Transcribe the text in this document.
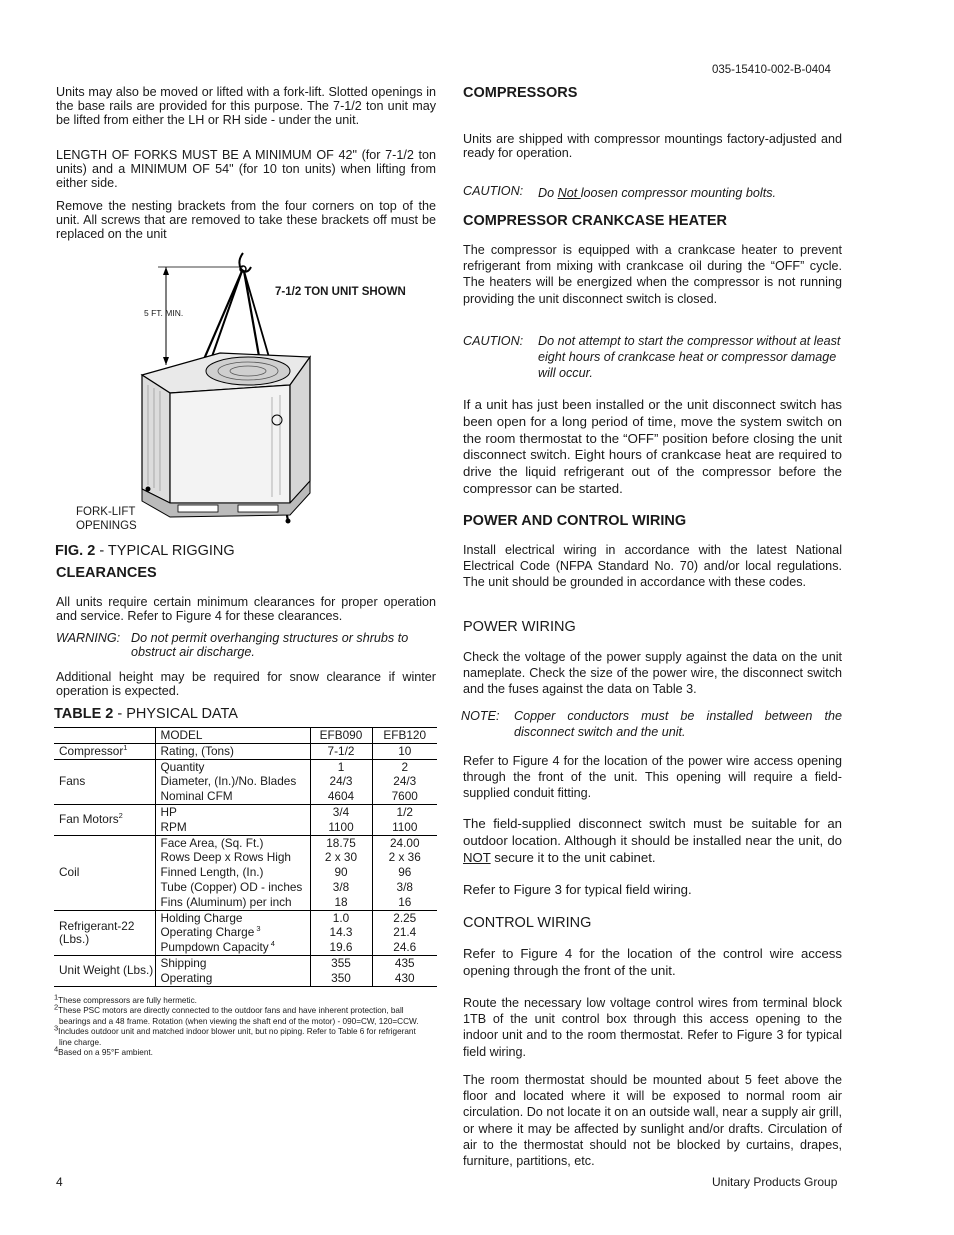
035-15410-002-B-0404

Units may also be moved or lifted with a fork-lift. Slotted openings in the base rails are provided for this purpose. The 7-1/2 ton unit may be lifted from either the LH or RH side - under the unit.

LENGTH OF FORKS MUST BE A MINIMUM OF 42" (for 7-1/2 ton units) and a MINIMUM OF 54" (for 10 ton units) when lifting from either side.

Remove the nesting brackets from the four corners on top of the unit. All screws that are removed to take these brackets off must be replaced on the unit

7-1/2 TON UNIT SHOWN
5 FT. MIN.
FORK-LIFT
OPENINGS
FIG. 2 - TYPICAL RIGGING
CLEARANCES

All units require certain minimum clearances for proper operation and service. Refer to Figure 4 for these clearances.

WARNING: Do not permit overhanging structures or shrubs to obstruct air discharge.

Additional height may be required for snow clearance if winter operation is expected.

TABLE 2 - PHYSICAL DATA
	MODEL	EFB090	EFB120
Compressor$^1$	Rating, (Tons)	7-1/2	10
Fans	Quantity	1	2
	Diameter, (In.)/No. Blades	24/3	24/3
	Nominal CFM	4604	7600
Fan Motors$^2$	HP	3/4	1/2
	RPM	1100	1100
Coil	Face Area, (Sq. Ft.)	18.75	24.00
	Rows Deep x Rows High	2 x 30	2 x 36
	Finned Length, (In.)	90	96
	Tube (Copper) OD - inches	3/8	3/8
	Fins (Aluminum) per inch	18	16
Refrigerant-22 (Lbs.)	Holding Charge	1.0	2.25
	Operating Charge $^3$	14.3	21.4
	Pumpdown Capacity $^4$	19.6	24.6
Unit Weight (Lbs.)	Shipping	355	435
	Operating	350	430
$^1$These compressors are fully hermetic.
$^2$These PSC motors are directly connected to the outdoor fans and have inherent protection, ball bearings and a 48 frame. Rotation (when viewing the shaft end of the motor) - 090=CW, 120=CCW.
$^3$Includes outdoor unit and matched indoor blower unit, but no piping. Refer to Table 6 for refrigerant line charge.
$^4$Based on a 95°F ambient.
COMPRESSORS

Units are shipped with compressor mountings factory-adjusted and ready for operation.

CAUTION: Do Not loosen compressor mounting bolts.
COMPRESSOR CRANKCASE HEATER

The compressor is equipped with a crankcase heater to prevent refrigerant from mixing with crankcase oil during the “OFF” cycle. The heaters will be energized when the compressor is not running providing the unit disconnect switch is closed.

CAUTION: Do not attempt to start the compressor without at least eight hours of crankcase heat or compressor damage will occur.

If a unit has just been installed or the unit disconnect switch has been open for a long period of time, move the system switch on the room thermostat to the “OFF” position before closing the unit disconnect switch. Eight hours of crankcase heat are required to drive the liquid refrigerant out of the compressor before the compressor can be started.

POWER AND CONTROL WIRING

Install electrical wiring in accordance with the latest National Electrical Code (NFPA Standard No. 70) and/or local regulations. The unit should be grounded in accordance with these codes.

POWER WIRING

Check the voltage of the power supply against the data on the unit nameplate. Check the size of the power wire, the disconnect switch and the fuses against the data on Table 3.

NOTE: Copper conductors must be installed between the disconnect switch and the unit.

Refer to Figure 4 for the location of the power wire access opening through the front of the unit. This opening will require a field-supplied conduit fitting.

The field-supplied disconnect switch must be suitable for an outdoor location. Although it should be installed near the unit, do NOT secure it to the unit cabinet.

Refer to Figure 3 for typical field wiring.

CONTROL WIRING

Refer to Figure 4 for the location of the control wire access opening through the front of the unit.

Route the necessary low voltage control wires from terminal block 1TB of the unit control box through this access opening to the indoor unit and to the room thermostat. Refer to Figure 3 for typical field wiring.

The room thermostat should be mounted about 5 feet above the floor and located where it will be exposed to normal room air circulation. Do not locate it on an outside wall, near a supply air grill, or where it may be affected by sunlight and/or drafts. Circulation of air to the thermostat should not be blocked by curtains, drapes, furniture, partitions, etc.

4	Unitary Products Group
